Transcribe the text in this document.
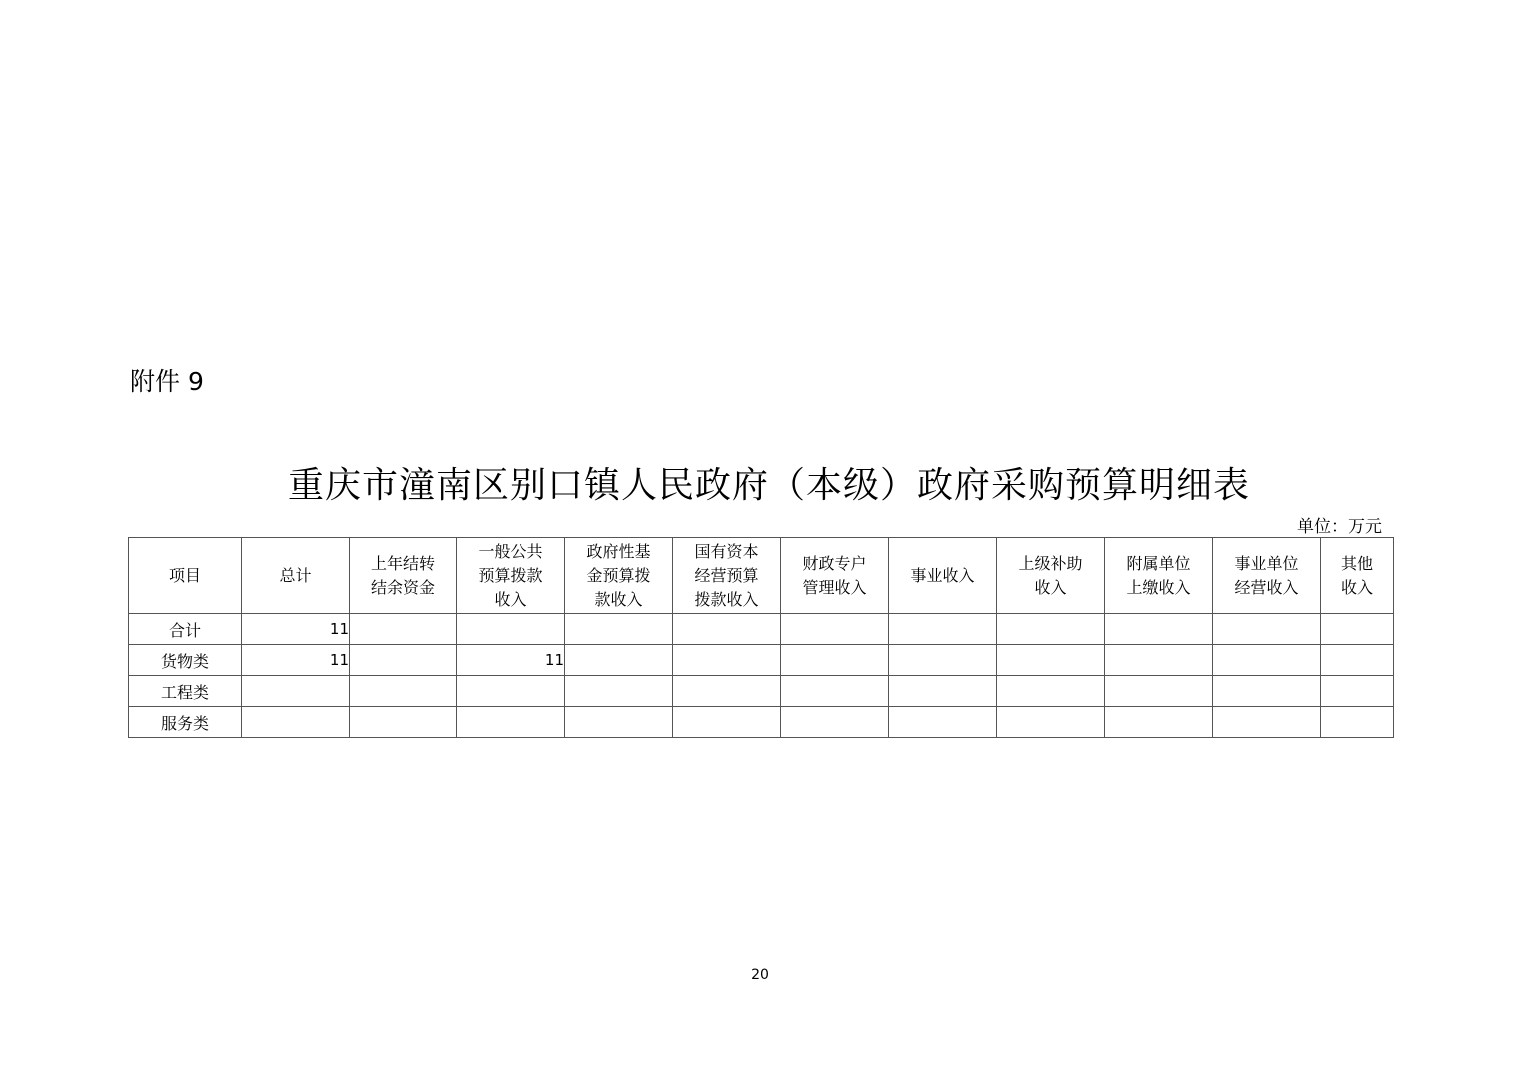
附件 9
重庆市潼南区别口镇人民政府（本级）政府采购预算明细表
单位：万元
项目	总计	上年结转结余资金	一般公共预算拨款收入	政府性基金预算拨款收入	国有资本经营预算拨款收入	财政专户管理收入	事业收入	上级补助收入	附属单位上缴收入	事业单位经营收入	其他收入
合计	11										
货物类	11		11								
工程类											
服务类											
20
